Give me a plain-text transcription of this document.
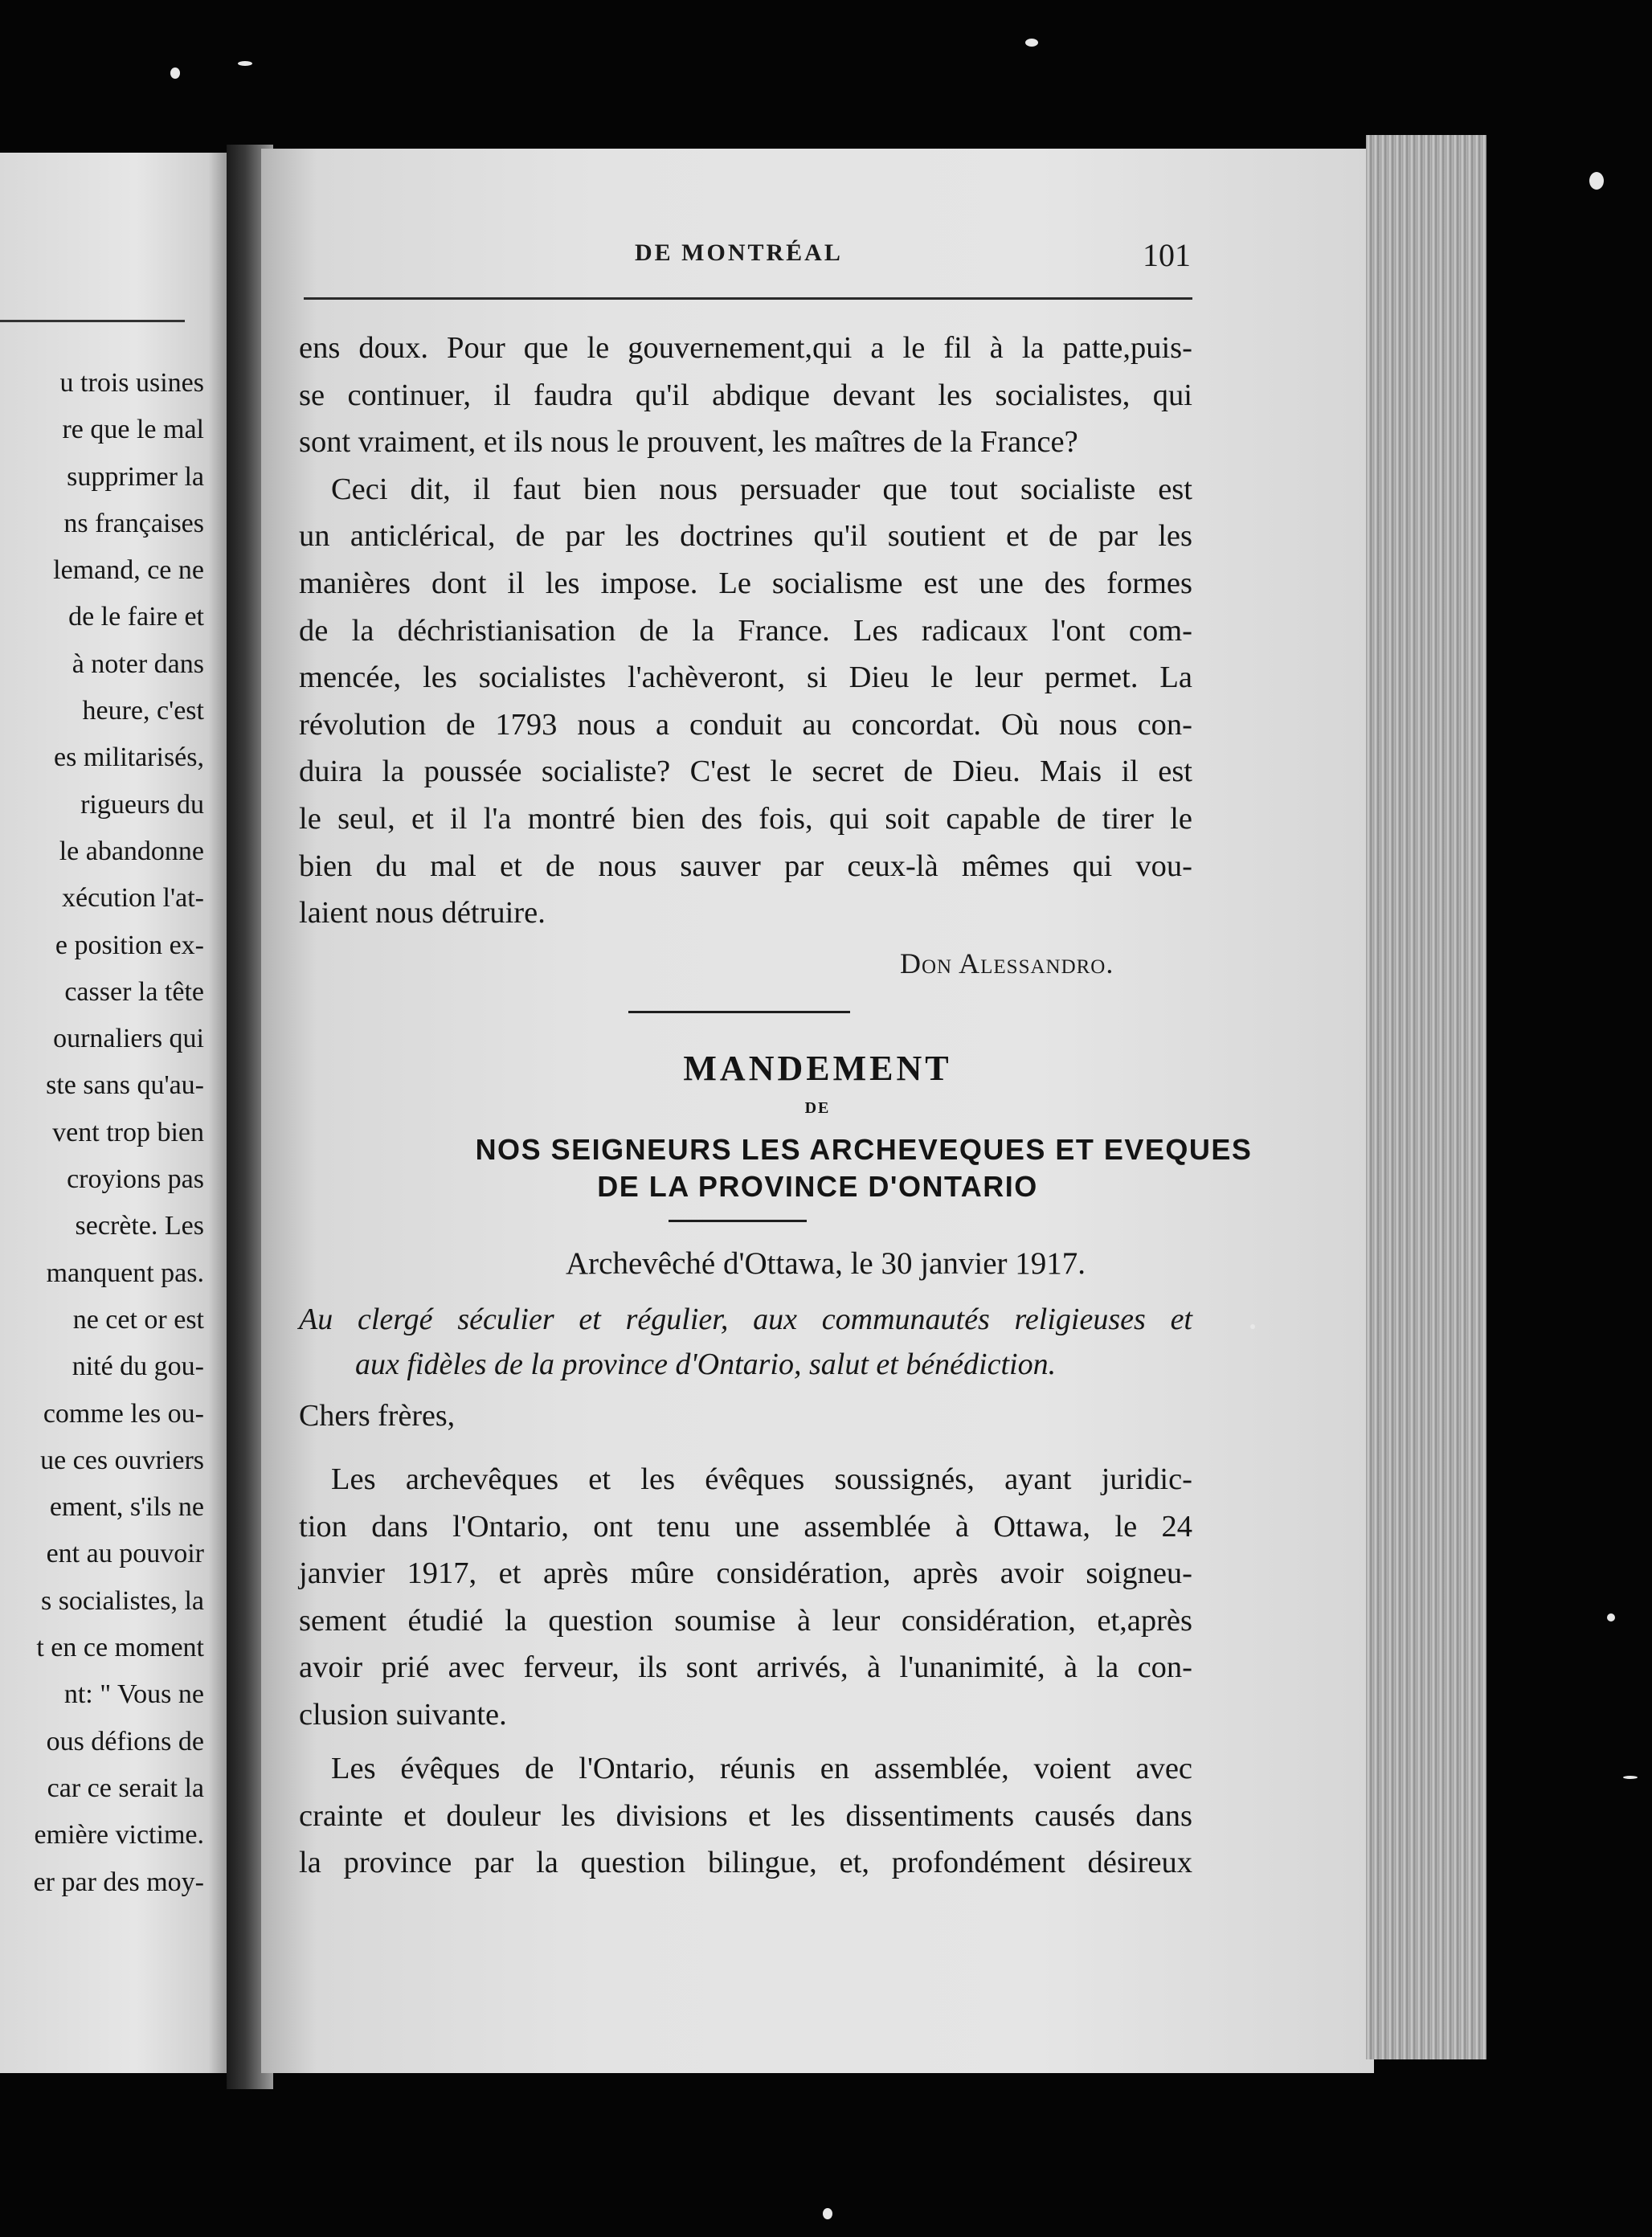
u trois usines
re que le mal
supprimer la
ns françaises
lemand, ce ne
de le faire et
à noter dans
heure, c'est
es militarisés,
rigueurs du
le abandonne
xécution l'at-
e position ex-
casser la tête
ournaliers qui
ste sans qu'au-
vent trop bien
croyions pas
secrète. Les
manquent pas.
ne cet or est
nité du gou-
comme les ou-
ue ces ouvriers
ement, s'ils ne
ent au pouvoir
s socialistes, la
t en ce moment
nt: " Vous ne
ous défions de
car ce serait la
emière victime.
er par des moy-
DE MONTRÉAL	101
ens doux. Pour que le gouvernement,qui a le fil à la patte,puis-
se continuer, il faudra qu'il abdique devant les socialistes, qui
sont vraiment, et ils nous le prouvent, les maîtres de la France?
Ceci dit, il faut bien nous persuader que tout socialiste est
un anticlérical, de par les doctrines qu'il soutient et de par les
manières dont il les impose. Le socialisme est une des formes
de la déchristianisation de la France. Les radicaux l'ont com-
mencée, les socialistes l'achèveront, si Dieu le leur permet. La
révolution de 1793 nous a conduit au concordat. Où nous con-
duira la poussée socialiste? C'est le secret de Dieu. Mais il est
le seul, et il l'a montré bien des fois, qui soit capable de tirer le
bien du mal et de nous sauver par ceux-là mêmes qui vou-
laient nous détruire.
Don Alessandro.
MANDEMENT
DE
NOS SEIGNEURS LES ARCHEVEQUES ET EVEQUES
DE LA PROVINCE D'ONTARIO
Archevêché d'Ottawa, le 30 janvier 1917.
Au clergé séculier et régulier, aux communautés religieuses et
aux fidèles de la province d'Ontario, salut et bénédiction.
Chers frères,
Les archevêques et les évêques soussignés, ayant juridic-
tion dans l'Ontario, ont tenu une assemblée à Ottawa, le 24
janvier 1917, et après mûre considération, après avoir soigneu-
sement étudié la question soumise à leur considération, et,après
avoir prié avec ferveur, ils sont arrivés, à l'unanimité, à la con-
clusion suivante.
Les évêques de l'Ontario, réunis en assemblée, voient avec
crainte et douleur les divisions et les dissentiments causés dans
la province par la question bilingue, et, profondément désireux
